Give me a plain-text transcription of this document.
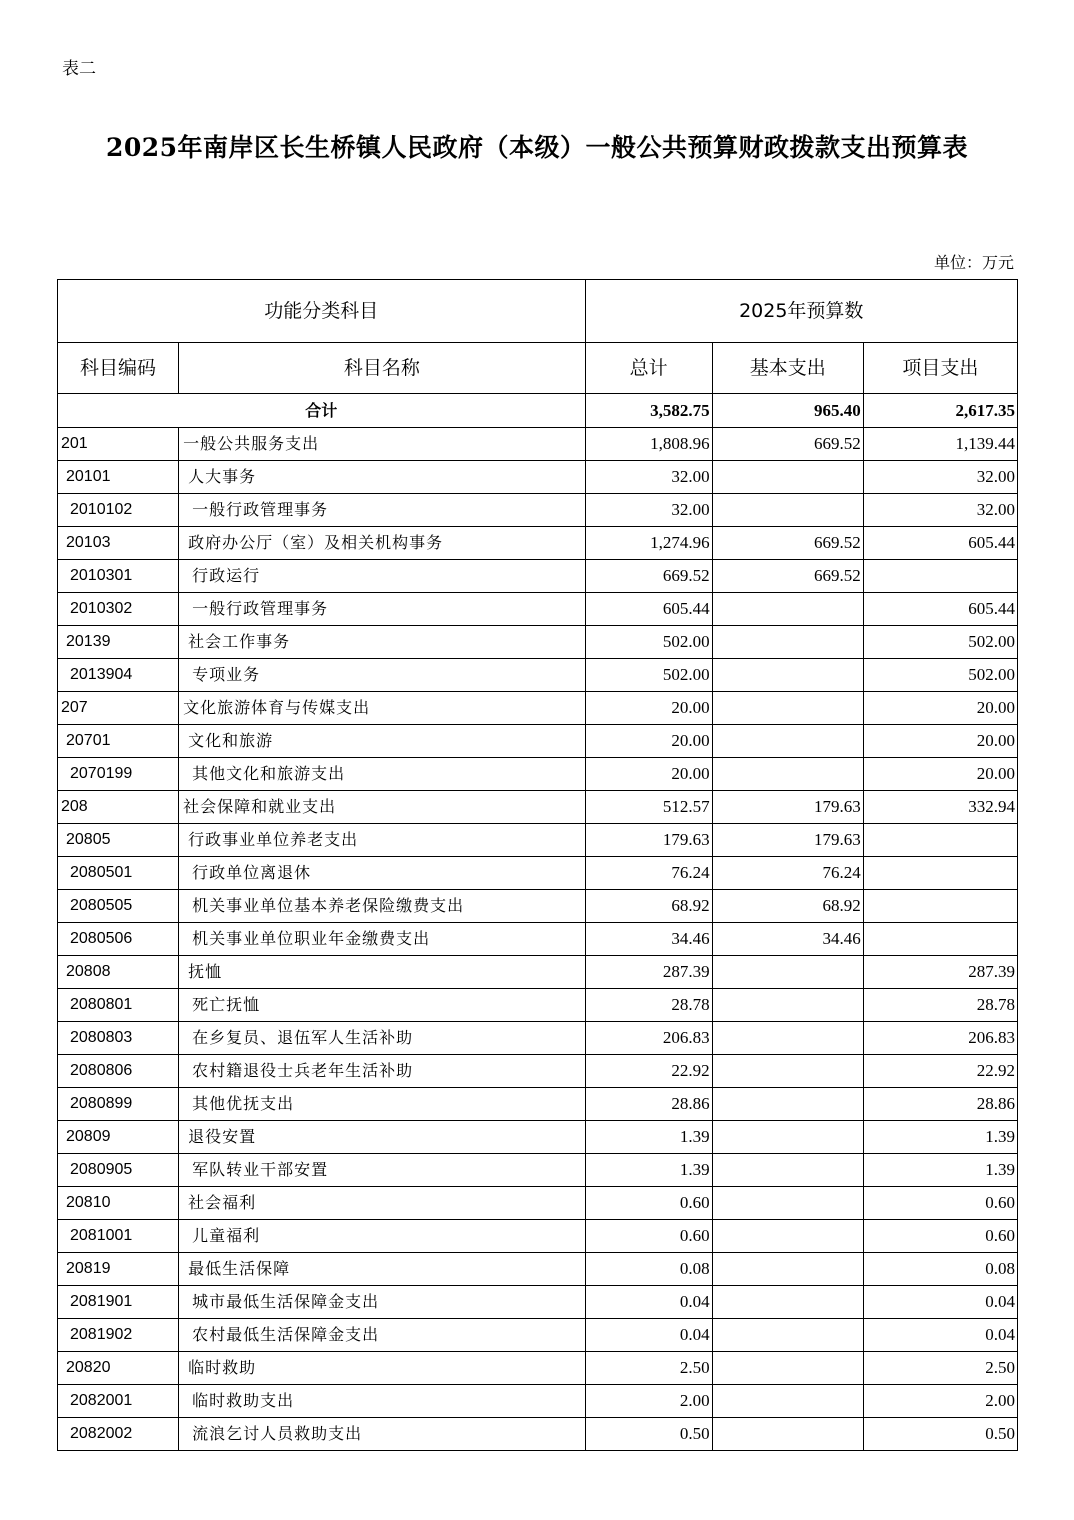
表二
2025年南岸区长生桥镇人民政府（本级）一般公共预算财政拨款支出预算表
单位：万元
功能分类科目		2025年预算数		
科目编码	科目名称	总计	基本支出	项目支出
合计		3,582.75	965.40	2,617.35
201	一般公共服务支出	1,808.96	669.52	1,139.44
20101	人大事务	32.00		32.00
2010102	一般行政管理事务	32.00		32.00
20103	政府办公厅（室）及相关机构事务	1,274.96	669.52	605.44
2010301	行政运行	669.52	669.52	
2010302	一般行政管理事务	605.44		605.44
20139	社会工作事务	502.00		502.00
2013904	专项业务	502.00		502.00
207	文化旅游体育与传媒支出	20.00		20.00
20701	文化和旅游	20.00		20.00
2070199	其他文化和旅游支出	20.00		20.00
208	社会保障和就业支出	512.57	179.63	332.94
20805	行政事业单位养老支出	179.63	179.63	
2080501	行政单位离退休	76.24	76.24	
2080505	机关事业单位基本养老保险缴费支出	68.92	68.92	
2080506	机关事业单位职业年金缴费支出	34.46	34.46	
20808	抚恤	287.39		287.39
2080801	死亡抚恤	28.78		28.78
2080803	在乡复员、退伍军人生活补助	206.83		206.83
2080806	农村籍退役士兵老年生活补助	22.92		22.92
2080899	其他优抚支出	28.86		28.86
20809	退役安置	1.39		1.39
2080905	军队转业干部安置	1.39		1.39
20810	社会福利	0.60		0.60
2081001	儿童福利	0.60		0.60
20819	最低生活保障	0.08		0.08
2081901	城市最低生活保障金支出	0.04		0.04
2081902	农村最低生活保障金支出	0.04		0.04
20820	临时救助	2.50		2.50
2082001	临时救助支出	2.00		2.00
2082002	流浪乞讨人员救助支出	0.50		0.50
